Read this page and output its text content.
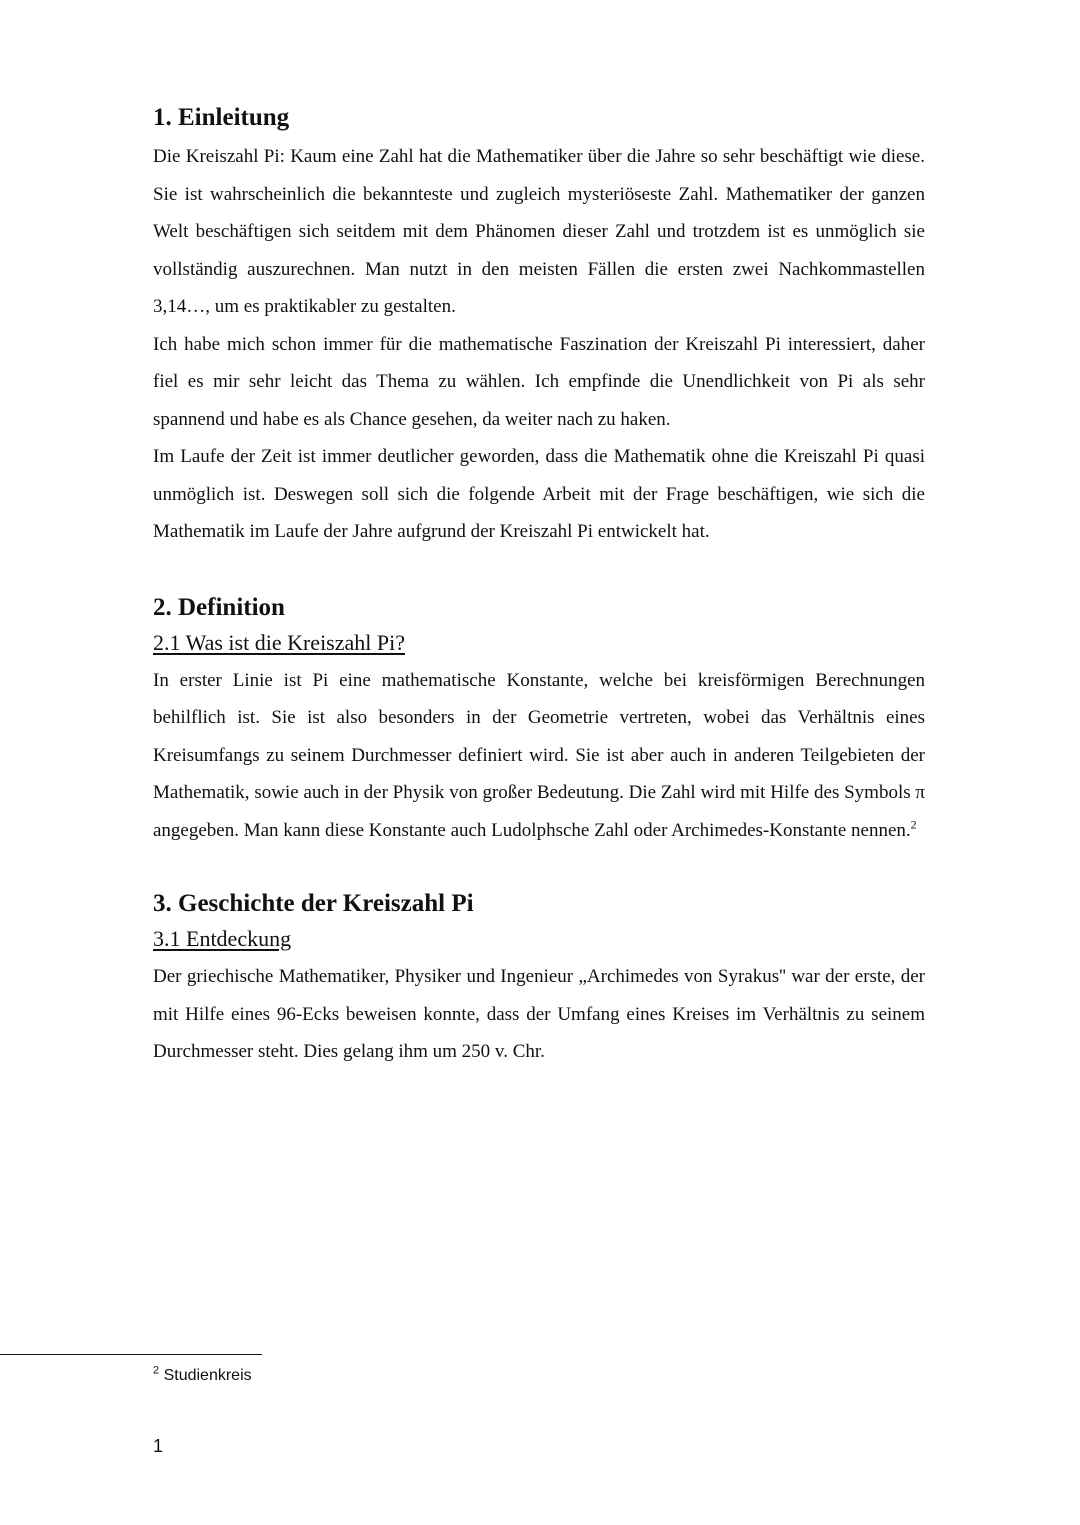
1. Einleitung

Die Kreiszahl Pi: Kaum eine Zahl hat die Mathematiker über die Jahre so sehr beschäftigt wie diese. Sie ist wahrscheinlich die bekannteste und zugleich mysteriöseste Zahl. Mathematiker der ganzen Welt beschäftigen sich seitdem mit dem Phänomen dieser Zahl und trotzdem ist es unmöglich sie vollständig auszurechnen. Man nutzt in den meisten Fällen die ersten zwei Nachkommastellen 3,14…, um es praktikabler zu gestalten.

Ich habe mich schon immer für die mathematische Faszination der Kreiszahl Pi interessiert, daher fiel es mir sehr leicht das Thema zu wählen. Ich empfinde die Unendlichkeit von Pi als sehr spannend und habe es als Chance gesehen, da weiter nach zu haken.

Im Laufe der Zeit ist immer deutlicher geworden, dass die Mathematik ohne die Kreiszahl Pi quasi unmöglich ist. Deswegen soll sich die folgende Arbeit mit der Frage beschäftigen, wie sich die Mathematik im Laufe der Jahre aufgrund der Kreiszahl Pi entwickelt hat.

2. Definition
2.1 Was ist die Kreiszahl Pi?

In erster Linie ist Pi eine mathematische Konstante, welche bei kreisförmigen Berechnungen behilflich ist. Sie ist also besonders in der Geometrie vertreten, wobei das Verhältnis eines Kreisumfangs zu seinem Durchmesser definiert wird. Sie ist aber auch in anderen Teilgebieten der Mathematik, sowie auch in der Physik von großer Bedeutung. Die Zahl wird mit Hilfe des Symbols π angegeben. Man kann diese Konstante auch Ludolphsche Zahl oder Archimedes-Konstante nennen.$^2$

3. Geschichte der Kreiszahl Pi
3.1 Entdeckung

Der griechische Mathematiker, Physiker und Ingenieur „Archimedes von Syrakus'' war der erste, der mit Hilfe eines 96-Ecks beweisen konnte, dass der Umfang eines Kreises im Verhältnis zu seinem Durchmesser steht. Dies gelang ihm um 250 v. Chr.

$^2$ Studienkreis
1
